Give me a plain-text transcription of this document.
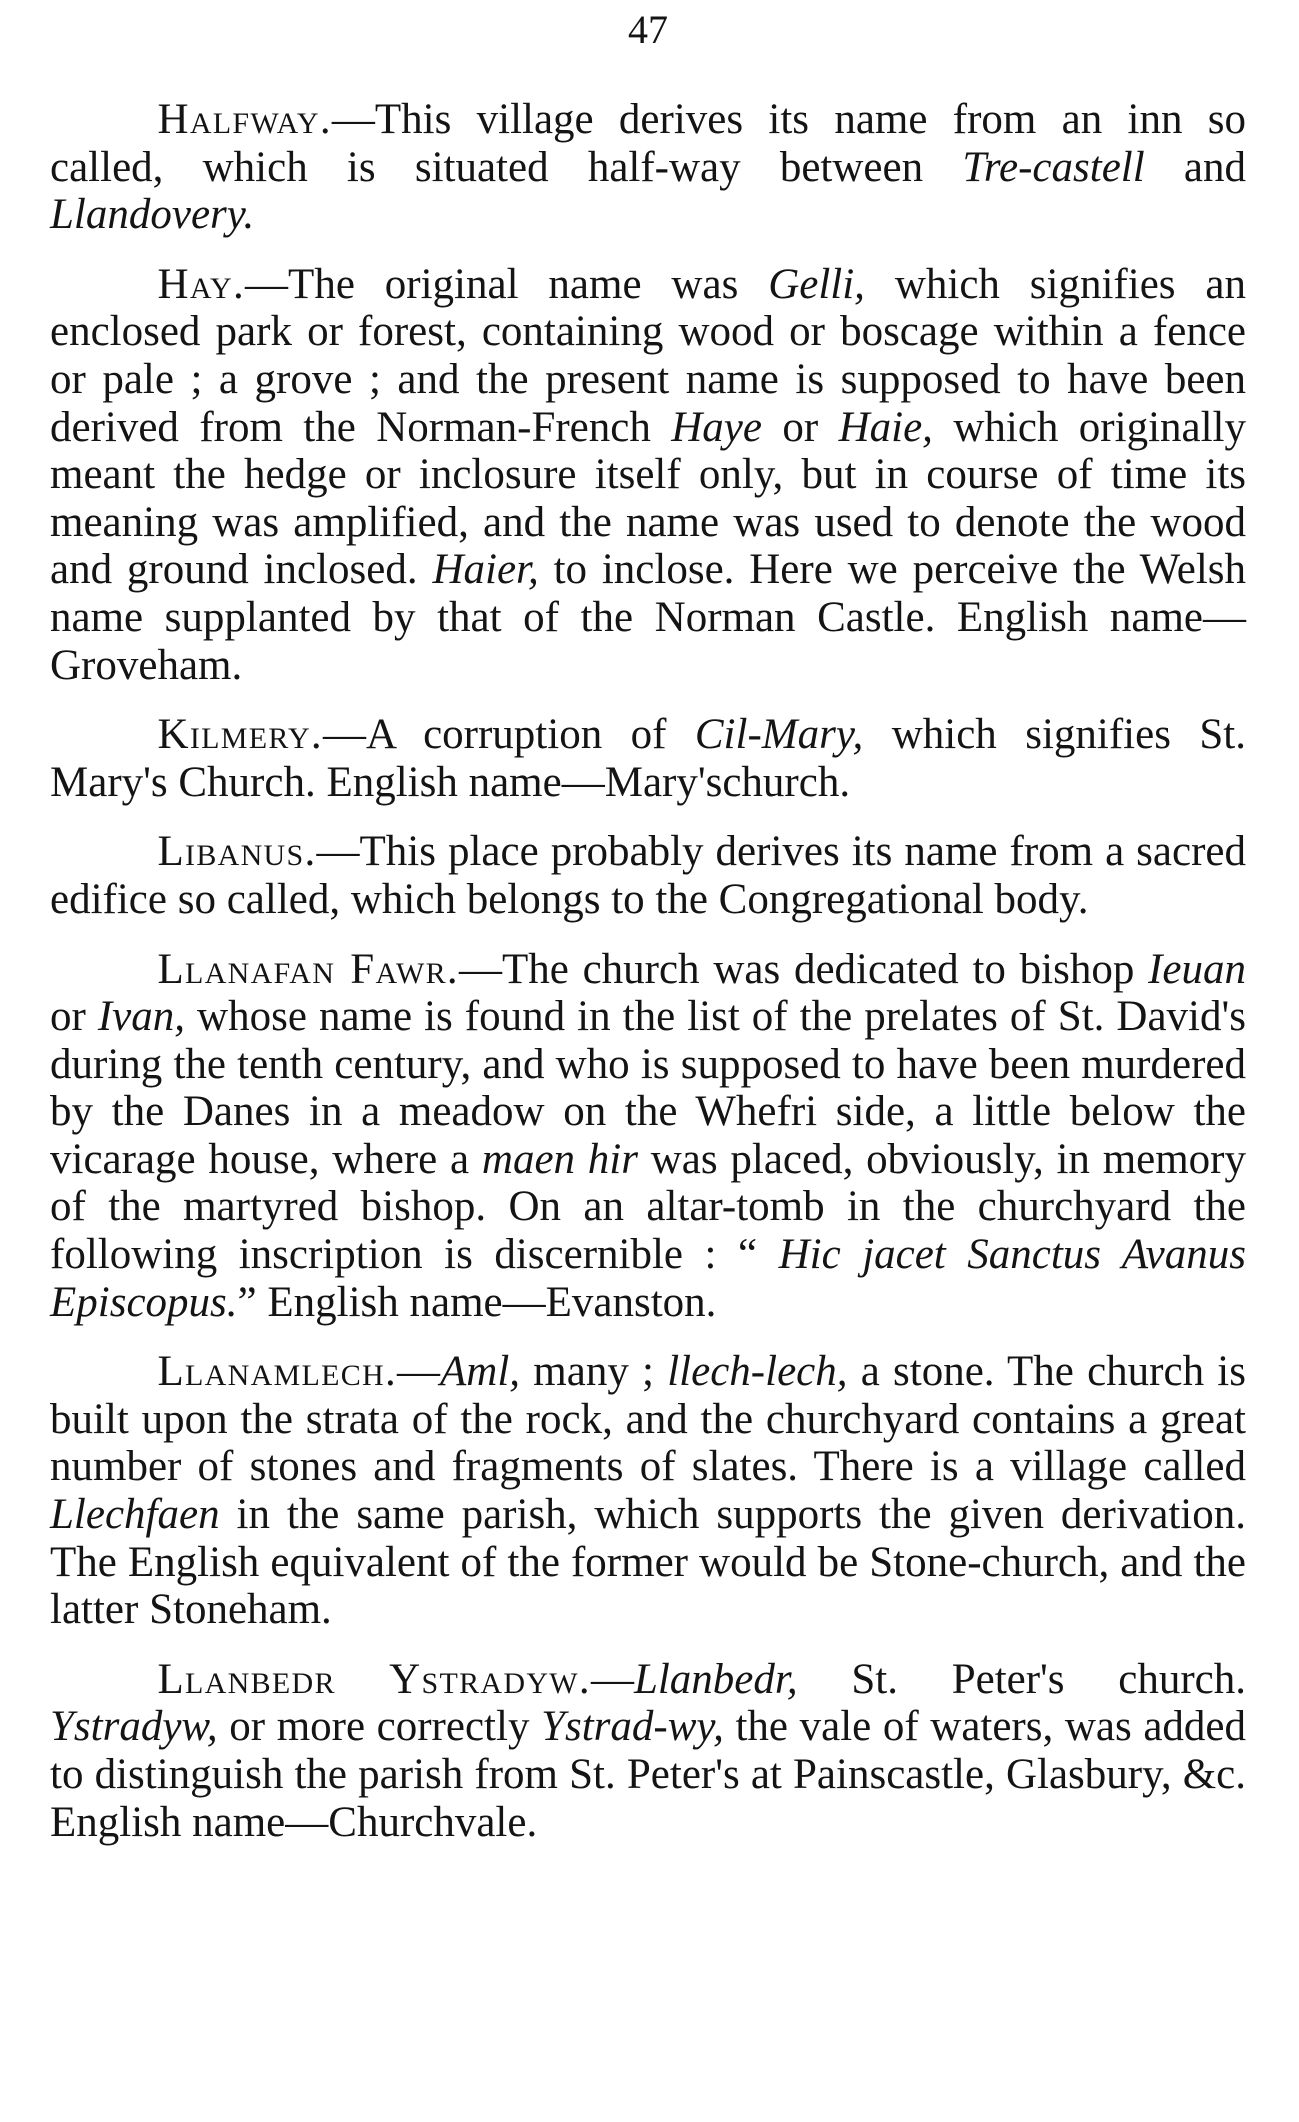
47

Halfway.—This village derives its name from an inn so called, which is situated half-way between Tre-castell and Llandovery.

Hay.—The original name was Gelli, which signifies an enclosed park or forest, containing wood or boscage within a fence or pale ; a grove ; and the present name is supposed to have been derived from the Norman-French Haye or Haie, which originally meant the hedge or inclosure itself only, but in course of time its meaning was amplified, and the name was used to denote the wood and ground inclosed. Haier, to inclose. Here we perceive the Welsh name supplanted by that of the Norman Castle. English name—Groveham.

Kilmery.—A corruption of Cil-Mary, which signifies St. Mary's Church. English name—Mary'schurch.

Libanus.—This place probably derives its name from a sacred edifice so called, which belongs to the Congregational body.

Llanafan Fawr.—The church was dedicated to bishop Ieuan or Ivan, whose name is found in the list of the prelates of St. David's during the tenth century, and who is supposed to have been murdered by the Danes in a meadow on the Whefri side, a little below the vicarage house, where a maen hir was placed, obviously, in memory of the martyred bishop. On an altar-tomb in the churchyard the following inscription is discernible : “ Hic jacet Sanctus Avanus Episcopus.” English name—Evanston.

Llanamlech.—Aml, many ; llech-lech, a stone. The church is built upon the strata of the rock, and the churchyard contains a great number of stones and fragments of slates. There is a village called Llechfaen in the same parish, which supports the given derivation. The English equivalent of the former would be Stone-church, and the latter Stoneham.

Llanbedr Ystradyw.—Llanbedr, St. Peter's church. Ystradyw, or more correctly Ystrad-wy, the vale of waters, was added to distinguish the parish from St. Peter's at Painscastle, Glasbury, &c. English name—Churchvale.
